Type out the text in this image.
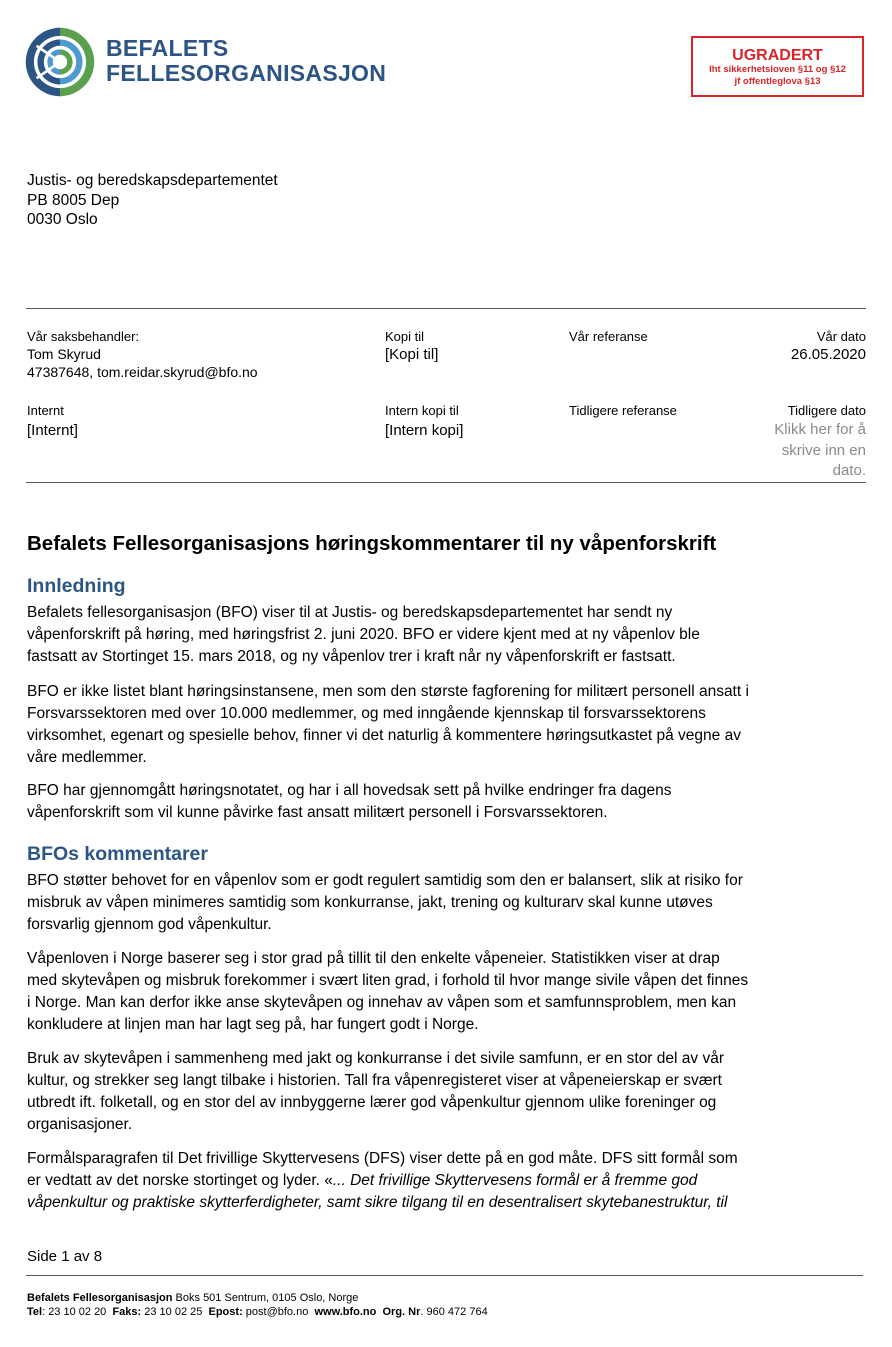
BEFALETS
FELLESORGANISASJON
UGRADERT
Iht sikkerhetsloven §11 og §12
jf offentleglova §13
Justis- og beredskapsdepartementet
PB 8005 Dep
0030 Oslo
Vår saksbehandler:
Tom Skyrud
47387648, tom.reidar.skyrud@bfo.no
Kopi til
[Kopi til]
Vår referanse	Vår dato
26.05.2020
Internt
[Internt]
Intern kopi til
[Intern kopi]
Tidligere referanse	Tidligere dato
Klikk her for å
skrive inn en
dato.
Befalets Fellesorganisasjons høringskommentarer til ny våpenforskrift
Innledning
Befalets fellesorganisasjon (BFO) viser til at Justis- og beredskapsdepartementet har sendt ny
våpenforskrift på høring, med høringsfrist 2. juni 2020. BFO er videre kjent med at ny våpenlov ble
fastsatt av Stortinget 15. mars 2018, og ny våpenlov trer i kraft når ny våpenforskrift er fastsatt.
BFO er ikke listet blant høringsinstansene, men som den største fagforening for militært personell ansatt i
Forsvarssektoren med over 10.000 medlemmer, og med inngående kjennskap til forsvarssektorens
virksomhet, egenart og spesielle behov, finner vi det naturlig å kommentere høringsutkastet på vegne av
våre medlemmer.
BFO har gjennomgått høringsnotatet, og har i all hovedsak sett på hvilke endringer fra dagens
våpenforskrift som vil kunne påvirke fast ansatt militært personell i Forsvarssektoren.
BFOs kommentarer
BFO støtter behovet for en våpenlov som er godt regulert samtidig som den er balansert, slik at risiko for
misbruk av våpen minimeres samtidig som konkurranse, jakt, trening og kulturarv skal kunne utøves
forsvarlig gjennom god våpenkultur.
Våpenloven i Norge baserer seg i stor grad på tillit til den enkelte våpeneier. Statistikken viser at drap
med skytevåpen og misbruk forekommer i svært liten grad, i forhold til hvor mange sivile våpen det finnes
i Norge. Man kan derfor ikke anse skytevåpen og innehav av våpen som et samfunnsproblem, men kan
konkludere at linjen man har lagt seg på, har fungert godt i Norge.
Bruk av skytevåpen i sammenheng med jakt og konkurranse i det sivile samfunn, er en stor del av vår
kultur, og strekker seg langt tilbake i historien. Tall fra våpenregisteret viser at våpeneierskap er svært
utbredt ift. folketall, og en stor del av innbyggerne lærer god våpenkultur gjennom ulike foreninger og
organisasjoner.
Formålsparagrafen til Det frivillige Skyttervesens (DFS) viser dette på en god måte. DFS sitt formål som
er vedtatt av det norske stortinget og lyder. «... Det frivillige Skyttervesens formål er å fremme god
våpenkultur og praktiske skytterferdigheter, samt sikre tilgang til en desentralisert skytebanestruktur, til
Side 1 av 8
Befalets Fellesorganisasjon Boks 501 Sentrum, 0105 Oslo, Norge
Tel: 23 10 02 20 Faks: 23 10 02 25 Epost: post@bfo.no www.bfo.no Org. Nr. 960 472 764
